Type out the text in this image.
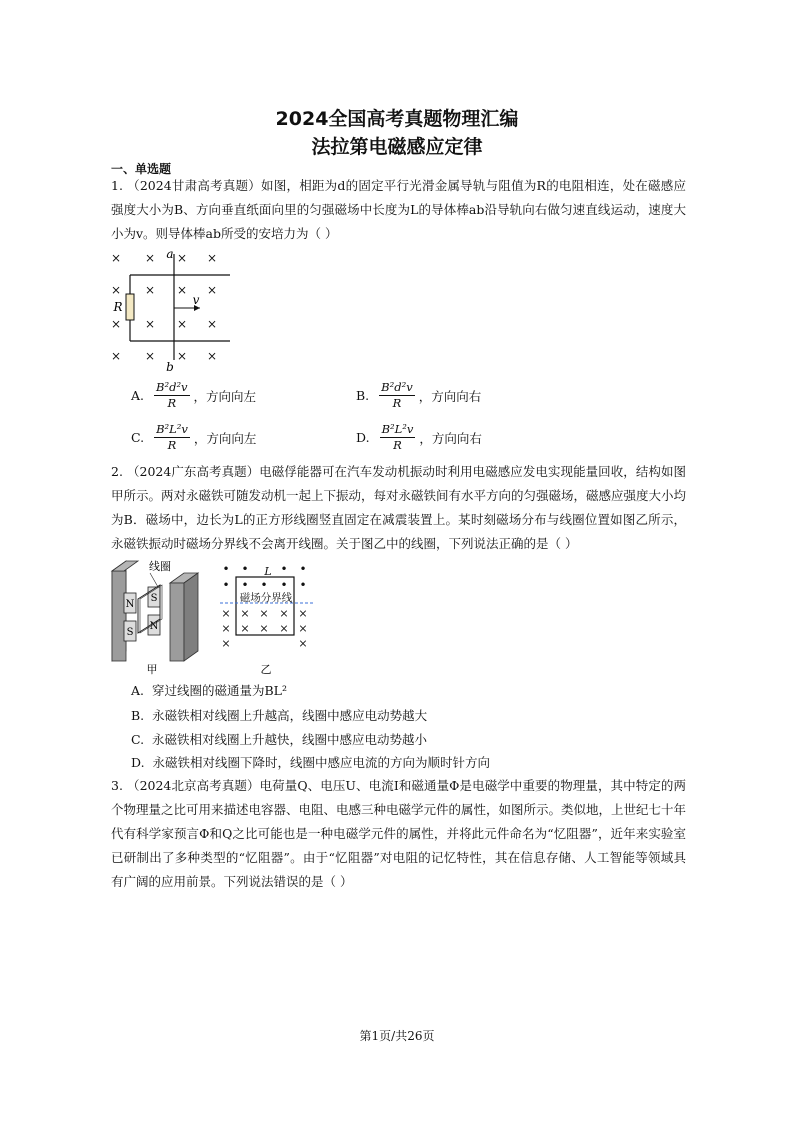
2024全国高考真题物理汇编
法拉第电磁感应定律
一、单选题
1. （2024甘肃高考真题）如图，相距为d的固定平行光滑金属导轨与阻值为R的电阻相连，处在磁感应强度大小为B、方向垂直纸面向里的匀强磁场中长度为L的导体棒ab沿导轨向右做匀速直线运动，速度大小为v。则导体棒ab所受的安培力为（ ）
× × × ×
× × × ×
× × × ×
× × × ×
R
a
b
v
A. $\frac{\text{B²d²v}}{R}$ ，方向向左	B. $\frac{\text{B²d²v}}{R}$ ，方向向右
C. $\frac{\text{B²L²v}}{R}$ ，方向向左	D. $\frac{\text{B²L²v}}{R}$ ，方向向右
2. （2024广东高考真题）电磁俘能器可在汽车发动机振动时利用电磁感应发电实现能量回收，结构如图甲所示。两对永磁铁可随发动机一起上下振动，每对永磁铁间有水平方向的匀强磁场，磁感应强度大小均为B．磁场中，边长为L的正方形线圈竖直固定在减震装置上。某时刻磁场分布与线圈位置如图乙所示，永磁铁振动时磁场分界线不会离开线圈。关于图乙中的线圈，下列说法正确的是（ ）
N
S
S
N
线圈
甲
• •	• •
• • • • •
× × × × ×
× × × × ×
×	×
L
磁场分界线
乙
A. 穿过线圈的磁通量为BL²
B. 永磁铁相对线圈上升越高，线圈中感应电动势越大
C. 永磁铁相对线圈上升越快，线圈中感应电动势越小
D. 永磁铁相对线圈下降时，线圈中感应电流的方向为顺时针方向
3. （2024北京高考真题）电荷量Q、电压U、电流I和磁通量Φ是电磁学中重要的物理量，其中特定的两个物理量之比可用来描述电容器、电阻、电感三种电磁学元件的属性，如图所示。类似地，上世纪七十年代有科学家预言Φ和Q之比可能也是一种电磁学元件的属性，并将此元件命名为“忆阻器”，近年来实验室已研制出了多种类型的“忆阻器”。由于“忆阻器”对电阻的记忆特性，其在信息存储、人工智能等领域具有广阔的应用前景。下列说法错误的是（ ）
第1页/共26页
